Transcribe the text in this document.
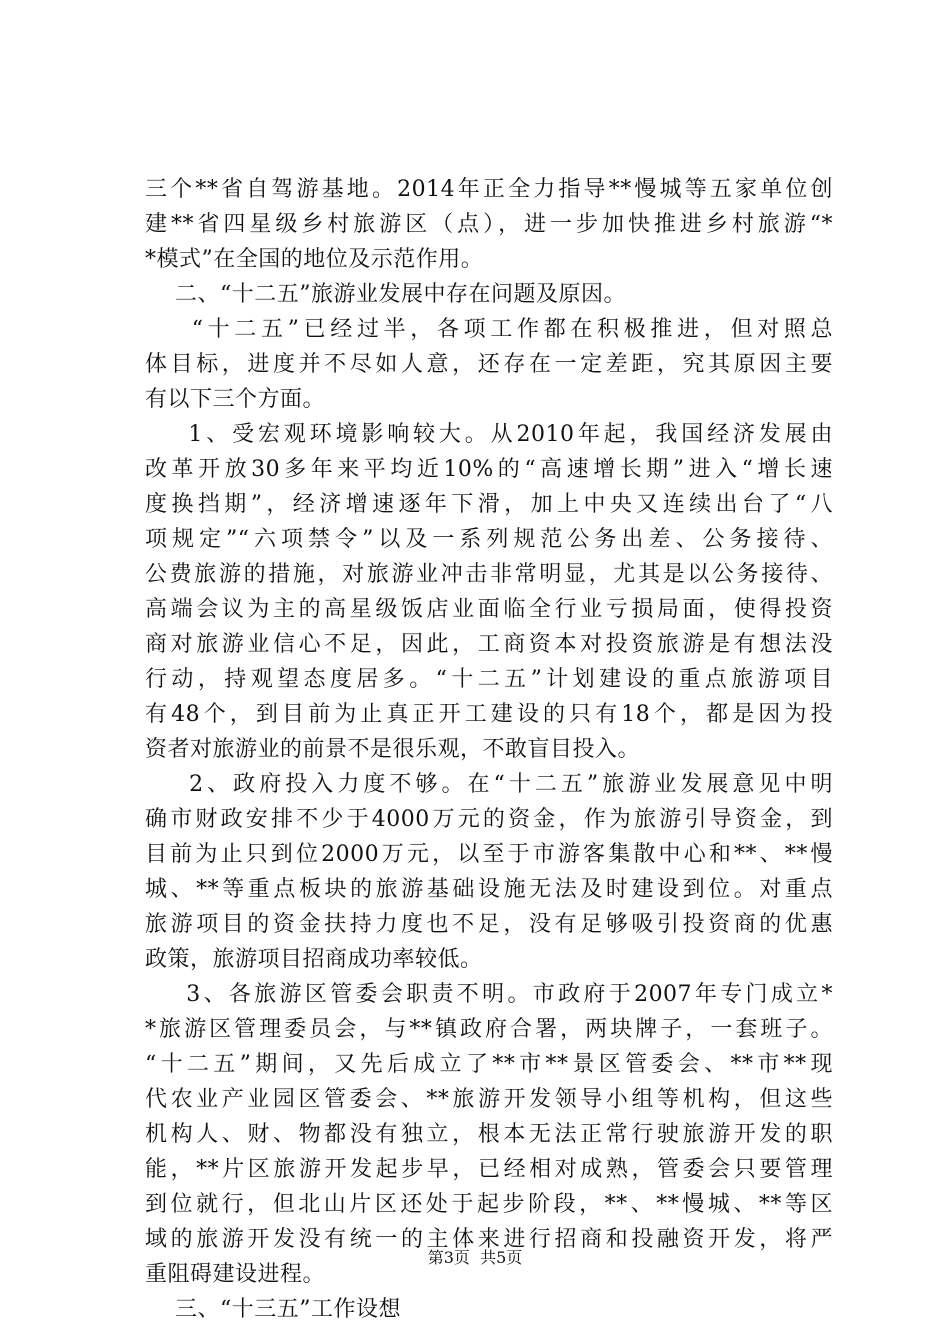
三个**省自驾游基地。2014年正全力指导**慢城等五家单位创
建**省四星级乡村旅游区（点），进一步加快推进乡村旅游“*
*模式”在全国的地位及示范作用。
二、“十二五”旅游业发展中存在问题及原因。
“十二五”已经过半，各项工作都在积极推进，但对照总
体目标，进度并不尽如人意，还存在一定差距，究其原因主要
有以下三个方面。
1、受宏观环境影响较大。从2010年起，我国经济发展由
改革开放30多年来平均近10%的“高速增长期”进入“增长速
度换挡期”，经济增速逐年下滑，加上中央又连续出台了“八
项规定”“六项禁令”以及一系列规范公务出差、公务接待、
公费旅游的措施，对旅游业冲击非常明显，尤其是以公务接待、
高端会议为主的高星级饭店业面临全行业亏损局面，使得投资
商对旅游业信心不足，因此，工商资本对投资旅游是有想法没
行动，持观望态度居多。“十二五”计划建设的重点旅游项目
有48个，到目前为止真正开工建设的只有18个，都是因为投
资者对旅游业的前景不是很乐观，不敢盲目投入。
2、政府投入力度不够。在“十二五”旅游业发展意见中明
确市财政安排不少于4000万元的资金，作为旅游引导资金，到
目前为止只到位2000万元，以至于市游客集散中心和**、**慢
城、**等重点板块的旅游基础设施无法及时建设到位。对重点
旅游项目的资金扶持力度也不足，没有足够吸引投资商的优惠
政策，旅游项目招商成功率较低。
3、各旅游区管委会职责不明。市政府于2007年专门成立*
*旅游区管理委员会，与**镇政府合署，两块牌子，一套班子。
“十二五”期间，又先后成立了**市**景区管委会、**市**现
代农业产业园区管委会、**旅游开发领导小组等机构，但这些
机构人、财、物都没有独立，根本无法正常行驶旅游开发的职
能，**片区旅游开发起步早，已经相对成熟，管委会只要管理
到位就行，但北山片区还处于起步阶段，**、**慢城、**等区
域的旅游开发没有统一的主体来进行招商和投融资开发，将严
重阻碍建设进程。
三、“十三五”工作设想
第3页  共5页
